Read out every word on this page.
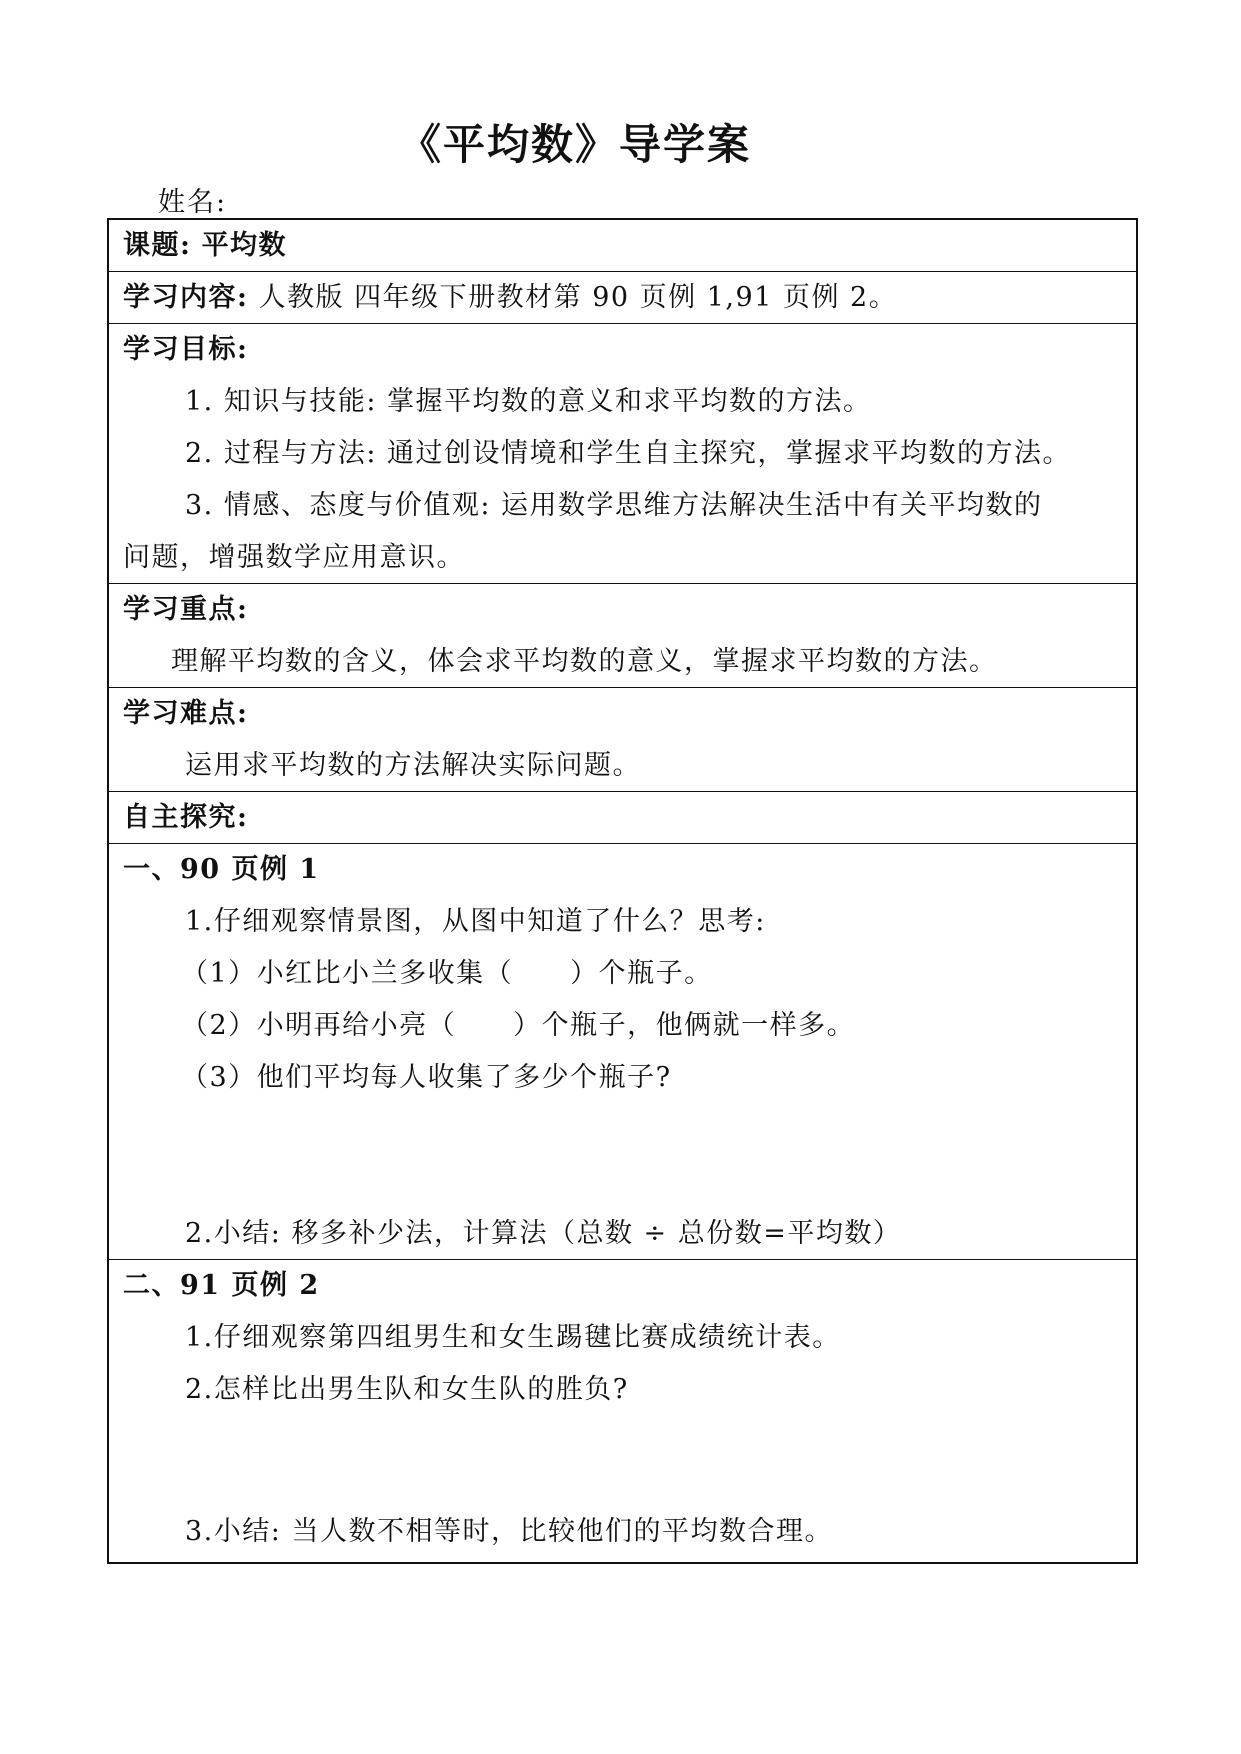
《平均数》导学案
姓名:
课题: 平均数
学习内容: 人教版 四年级下册教材第 90 页例 1,91 页例 2。
学习目标:
1. 知识与技能: 掌握平均数的意义和求平均数的方法。
2. 过程与方法: 通过创设情境和学生自主探究，掌握求平均数的方法。
3. 情感、态度与价值观: 运用数学思维方法解决生活中有关平均数的
问题，增强数学应用意识。
学习重点:
理解平均数的含义，体会求平均数的意义，掌握求平均数的方法。
学习难点:
运用求平均数的方法解决实际问题。
自主探究:
一、90 页例 1
1.仔细观察情景图，从图中知道了什么？思考:
（1）小红比小兰多收集（　　）个瓶子。
（2）小明再给小亮（　　）个瓶子，他俩就一样多。
（3）他们平均每人收集了多少个瓶子?
2.小结: 移多补少法，计算法（总数 ÷ 总份数=平均数）
二、91 页例 2
1.仔细观察第四组男生和女生踢毽比赛成绩统计表。
2.怎样比出男生队和女生队的胜负?
3.小结: 当人数不相等时，比较他们的平均数合理。
